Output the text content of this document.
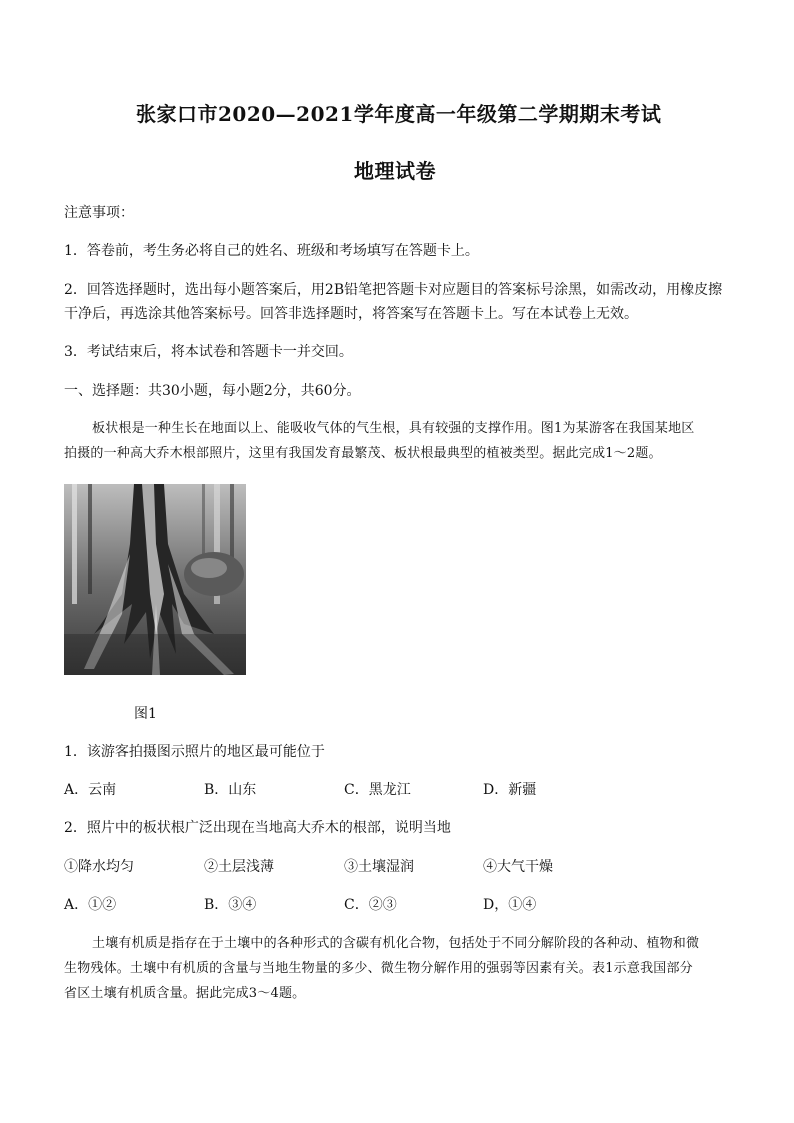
张家口市2020—2021学年度高一年级第二学期期末考试
地理试卷
注意事项：
1．答卷前，考生务必将自己的姓名、班级和考场填写在答题卡上。
2．回答选择题时，选出每小题答案后，用2B铅笔把答题卡对应题目的答案标号涂黑，如需改动，用橡皮擦
干净后，再选涂其他答案标号。回答非选择题时，将答案写在答题卡上。写在本试卷上无效。
3．考试结束后，将本试卷和答题卡一并交回。
一、选择题：共30小题，每小题2分，共60分。
板状根是一种生长在地面以上、能吸收气体的气生根，具有较强的支撑作用。图1为某游客在我国某地区
拍摄的一种高大乔木根部照片，这里有我国发育最繁茂、板状根最典型的植被类型。据此完成1～2题。
图1
1．该游客拍摄图示照片的地区最可能位于
A．云南	B．山东	C．黑龙江	D．新疆
2．照片中的板状根广泛出现在当地高大乔木的根部，说明当地
①降水均匀	②土层浅薄	③土壤湿润	④大气干燥
A．①②	B．③④	C．②③	D，①④
土壤有机质是指存在于土壤中的各种形式的含碳有机化合物，包括处于不同分解阶段的各种动、植物和微
生物残体。土壤中有机质的含量与当地生物量的多少、微生物分解作用的强弱等因素有关。表1示意我国部分
省区土壤有机质含量。据此完成3～4题。
